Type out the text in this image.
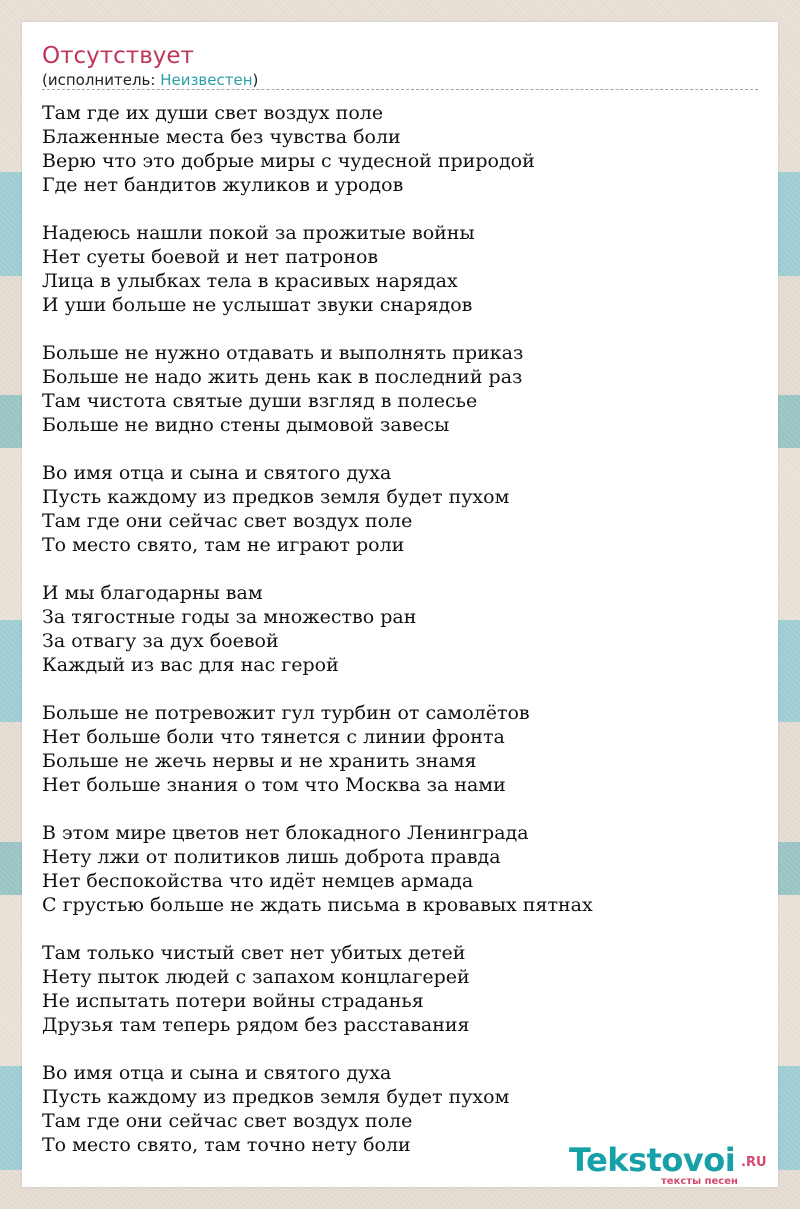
Отсутствует
(исполнитель: Неизвестен)
Там где их души свет воздух поле
Блаженные места без чувства боли
Верю что это добрые миры с чудесной природой
Где нет бандитов жуликов и уродов
Надеюсь нашли покой за прожитые войны
Нет суеты боевой и нет патронов
Лица в улыбках тела в красивых нарядах
И уши больше не услышат звуки снарядов
Больше не нужно отдавать и выполнять приказ
Больше не надо жить день как в последний раз
Там чистота святые души взгляд в полесье
Больше не видно стены дымовой завесы
Во имя отца и сына и святого духа
Пусть каждому из предков земля будет пухом
Там где они сейчас свет воздух поле
То место свято, там не играют роли
И мы благодарны вам
За тягостные годы за множество ран
За отвагу за дух боевой
Каждый из вас для нас герой
Больше не потревожит гул турбин от самолётов
Нет больше боли что тянется с линии фронта
Больше не жечь нервы и не хранить знамя
Нет больше знания о том что Москва за нами
В этом мире цветов нет блокадного Ленинграда
Нету лжи от политиков лишь доброта правда
Нет беспокойства что идёт немцев армада
С грустью больше не ждать письма в кровавых пятнах
Там только чистый свет нет убитых детей
Нету пыток людей с запахом концлагерей
Не испытать потери войны страданья
Друзья там теперь рядом без расставания
Во имя отца и сына и святого духа
Пусть каждому из предков земля будет пухом
Там где они сейчас свет воздух поле
То место свято, там точно нету боли	Tekstovoi .RU
тексты песен
